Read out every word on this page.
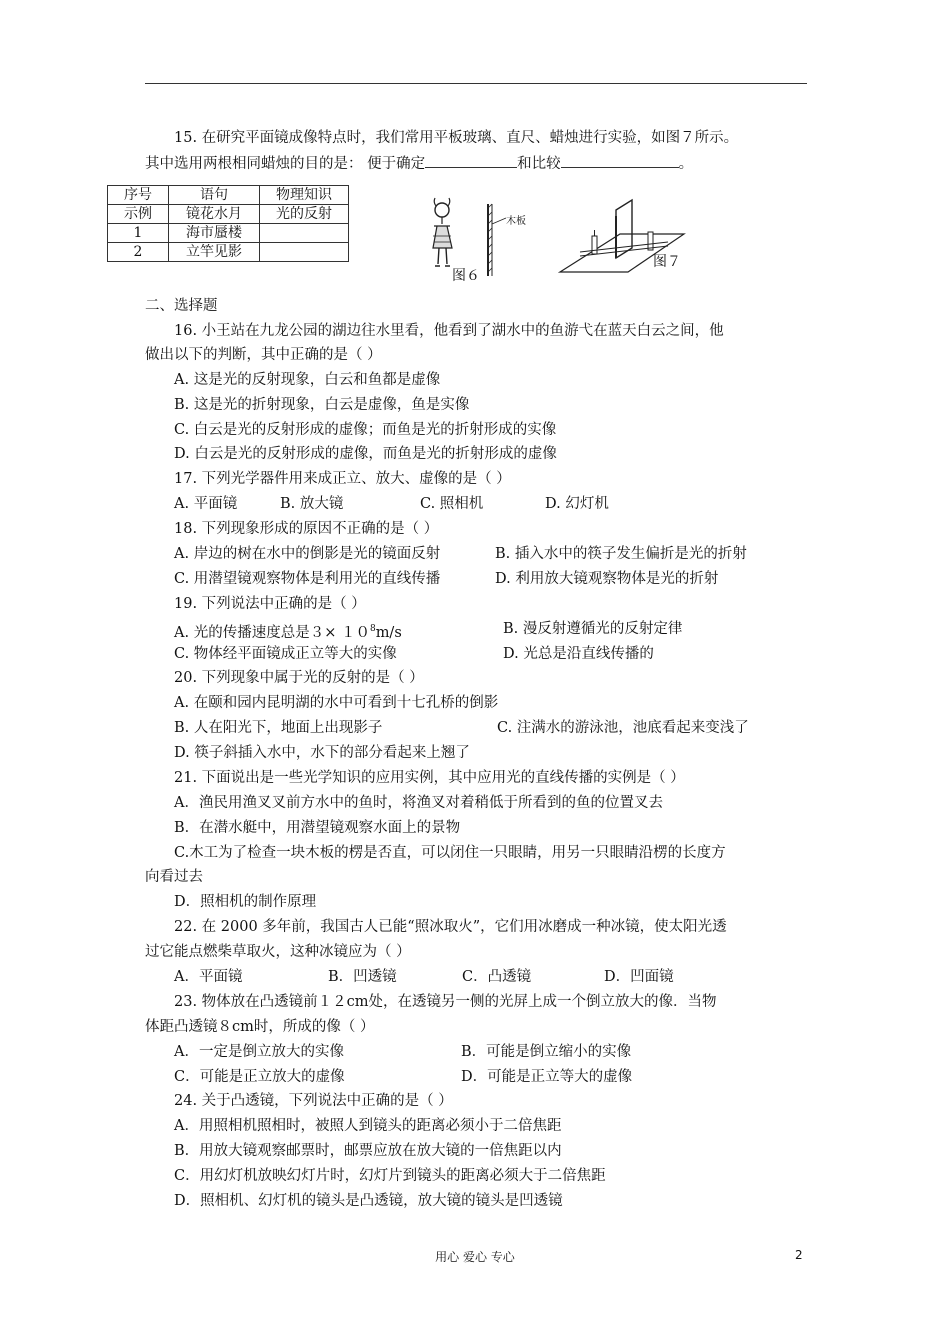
15. 在研究平面镜成像特点时，我们常用平板玻璃、直尺、蜡烛进行实验，如图７所示。
其中选用两根相同蜡烛的目的是： 便于确定	和比较	。
序号	语句	物理知识
示例	镜花水月	光的反射
1	海市蜃楼	
2	立竿见影	
木板
图６
图７
二、选择题
16. 小王站在九龙公园的湖边往水里看，他看到了湖水中的鱼游弋在蓝天白云之间，他
做出以下的判断，其中正确的是（ ）
A. 这是光的反射现象，白云和鱼都是虚像
B. 这是光的折射现象，白云是虚像，鱼是实像
C. 白云是光的反射形成的虚像；而鱼是光的折射形成的实像
D. 白云是光的反射形成的虚像，而鱼是光的折射形成的虚像
17. 下列光学器件用来成正立、放大、虚像的是（ ）
A. 平面镜	B. 放大镜	C. 照相机	D. 幻灯机
18. 下列现象形成的原因不正确的是（ ）
A. 岸边的树在水中的倒影是光的镜面反射	B. 插入水中的筷子发生偏折是光的折射
C. 用潜望镜观察物体是利用光的直线传播	D. 利用放大镜观察物体是光的折射
19. 下列说法中正确的是（ ）
A. 光的传播速度总是$3\times 10^8m/s$	B. 漫反射遵循光的反射定律
C. 物体经平面镜成正立等大的实像	D. 光总是沿直线传播的
20. 下列现象中属于光的反射的是（ ）
A. 在颐和园内昆明湖的水中可看到十七孔桥的倒影
B. 人在阳光下，地面上出现影子	C. 注满水的游泳池，池底看起来变浅了
D. 筷子斜插入水中，水下的部分看起来上翘了
21. 下面说出是一些光学知识的应用实例，其中应用光的直线传播的实例是（ ）
A．渔民用渔叉叉前方水中的鱼时，将渔叉对着稍低于所看到的鱼的位置叉去
B．在潜水艇中，用潜望镜观察水面上的景物
C.木工为了检查一块木板的楞是否直，可以闭住一只眼睛，用另一只眼睛沿楞的长度方
向看过去
D．照相机的制作原理
22. 在 2000 多年前，我国古人已能“照冰取火”，它们用冰磨成一种冰镜，使太阳光透
过它能点燃柴草取火，这种冰镜应为（ ）
A．平面镜	B．凹透镜	C．凸透镜	D．凹面镜
23. 物体放在凸透镜前１２cm处，在透镜另一侧的光屏上成一个倒立放大的像．当物
体距凸透镜８cm时，所成的像（ ）
A．一定是倒立放大的实像	B．可能是倒立缩小的实像
C．可能是正立放大的虚像	D．可能是正立等大的虚像
24. 关于凸透镜，下列说法中正确的是（ ）
A．用照相机照相时，被照人到镜头的距离必须小于二倍焦距
B．用放大镜观察邮票时，邮票应放在放大镜的一倍焦距以内
C．用幻灯机放映幻灯片时，幻灯片到镜头的距离必须大于二倍焦距
D．照相机、幻灯机的镜头是凸透镜，放大镜的镜头是凹透镜
用心 爱心 专心	2
